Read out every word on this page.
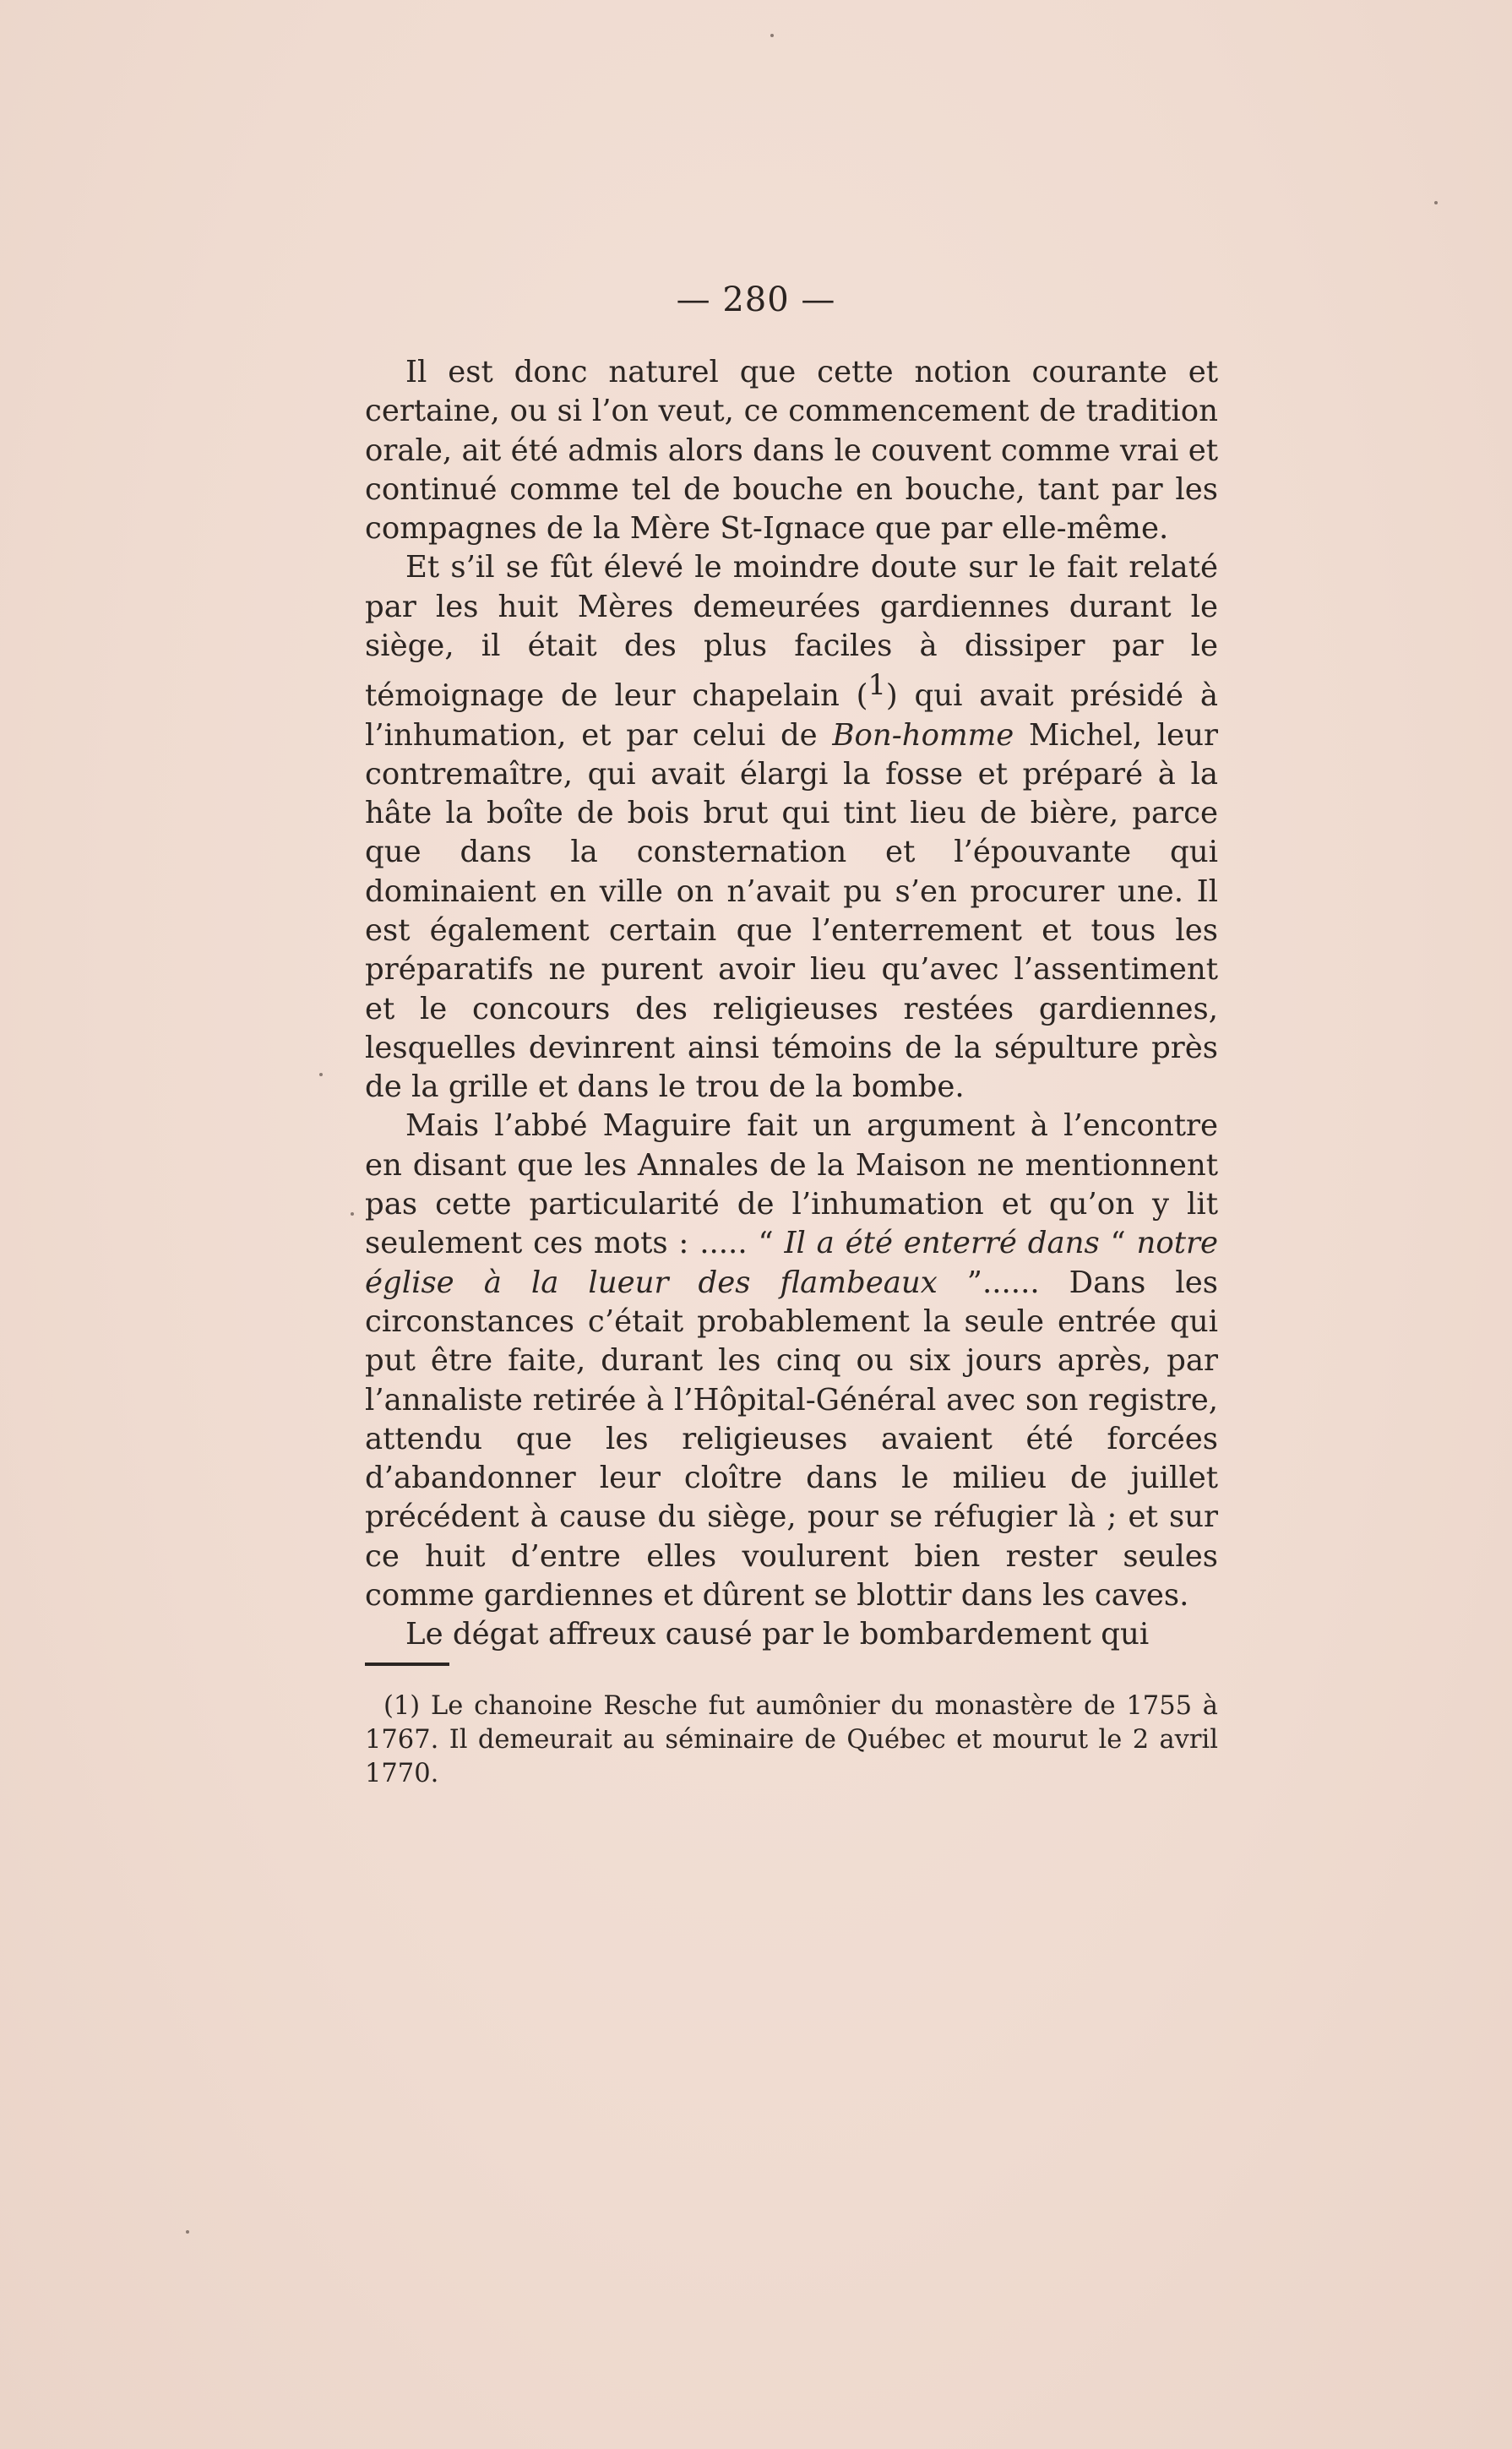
— 280 —

Il est donc naturel que cette notion courante et certaine, ou si l’on veut, ce commencement de tradition orale, ait été admis alors dans le couvent comme vrai et continué comme tel de bouche en bouche, tant par les compagnes de la Mère St-Ignace que par elle-même.

Et s’il se fût élevé le moindre doute sur le fait relaté par les huit Mères demeurées gardiennes durant le siège, il était des plus faciles à dissiper par le témoignage de leur chapelain ($^1$) qui avait présidé à l’inhumation, et par celui de Bon-homme Michel, leur contremaître, qui avait élargi la fosse et préparé à la hâte la boîte de bois brut qui tint lieu de bière, parce que dans la consternation et l’épouvante qui dominaient en ville on n’avait pu s’en procurer une. Il est également certain que l’enterrement et tous les préparatifs ne purent avoir lieu qu’avec l’assentiment et le concours des religieuses restées gardiennes, lesquelles devinrent ainsi témoins de la sépulture près de la grille et dans le trou de la bombe.

Mais l’abbé Maguire fait un argument à l’encontre en disant que les Annales de la Maison ne mentionnent pas cette particularité de l’inhumation et qu’on y lit seulement ces mots : ..... “ Il a été enterré dans “ notre église à la lueur des flambeaux ”...... Dans les circonstances c’était probablement la seule entrée qui put être faite, durant les cinq ou six jours après, par l’annaliste retirée à l’Hôpital-Général avec son registre, attendu que les religieuses avaient été forcées d’abandonner leur cloître dans le milieu de juillet précédent à cause du siège, pour se réfugier là ; et sur ce huit d’entre elles voulurent bien rester seules comme gardiennes et dûrent se blottir dans les caves.

Le dégat affreux causé par le bombardement qui

(1) Le chanoine Resche fut aumônier du monastère de 1755 à 1767. Il demeurait au séminaire de Québec et mourut le 2 avril 1770.
